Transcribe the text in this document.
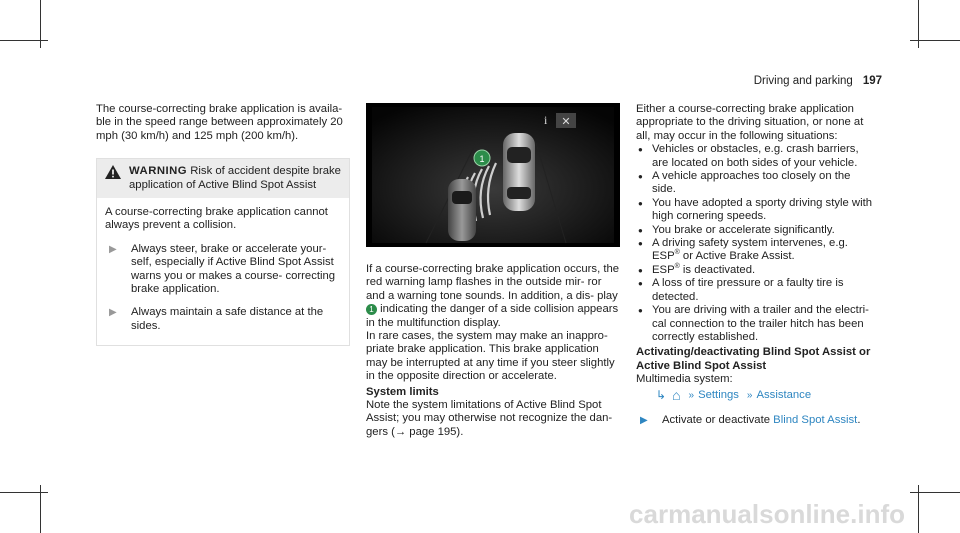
Driving and parking 197

The course-correcting brake application is availa- ble in the speed range between approximately 20 mph (30 km/h) and 125 mph (200 km/h).

WARNING Risk of accident despite brake application of Active Blind Spot Assist

A course-correcting brake application cannot always prevent a collision.

▶	Always steer, brake or accelerate your- self, especially if Active Blind Spot Assist warns you or makes a course- correcting brake application.
▶	Always maintain a safe distance at the sides.
1
i ✕

If a course-correcting brake application occurs, the red warning lamp flashes in the outside mir- ror and a warning tone sounds. In addition, a dis- play 1 indicating the danger of a side collision appears in the multifunction display.

In rare cases, the system may make an inappro- priate brake application. This brake application may be interrupted at any time if you steer slightly in the opposite direction or accelerate.

System limits

Note the system limitations of Active Blind Spot Assist; you may otherwise not recognize the dan- gers (→ page 195).

Either a course-correcting brake application appropriate to the driving situation, or none at all, may occur in the following situations:

● Vehicles or obstacles, e.g. crash barriers, are located on both sides of your vehicle.
● A vehicle approaches too closely on the side.
● You have adopted a sporty driving style with high cornering speeds.
● You brake or accelerate significantly.
● A driving safety system intervenes, e.g. ESP® or Active Brake Assist.
● ESP® is deactivated.
● A loss of tire pressure or a faulty tire is detected.
● You are driving with a trailer and the electri- cal connection to the trailer hitch has been correctly established.

Activating/deactivating Blind Spot Assist or Active Blind Spot Assist

Multimedia system:

↳ ⌂ » Settings » Assistance
▶	Activate or deactivate Blind Spot Assist.
carmanualsonline.info
